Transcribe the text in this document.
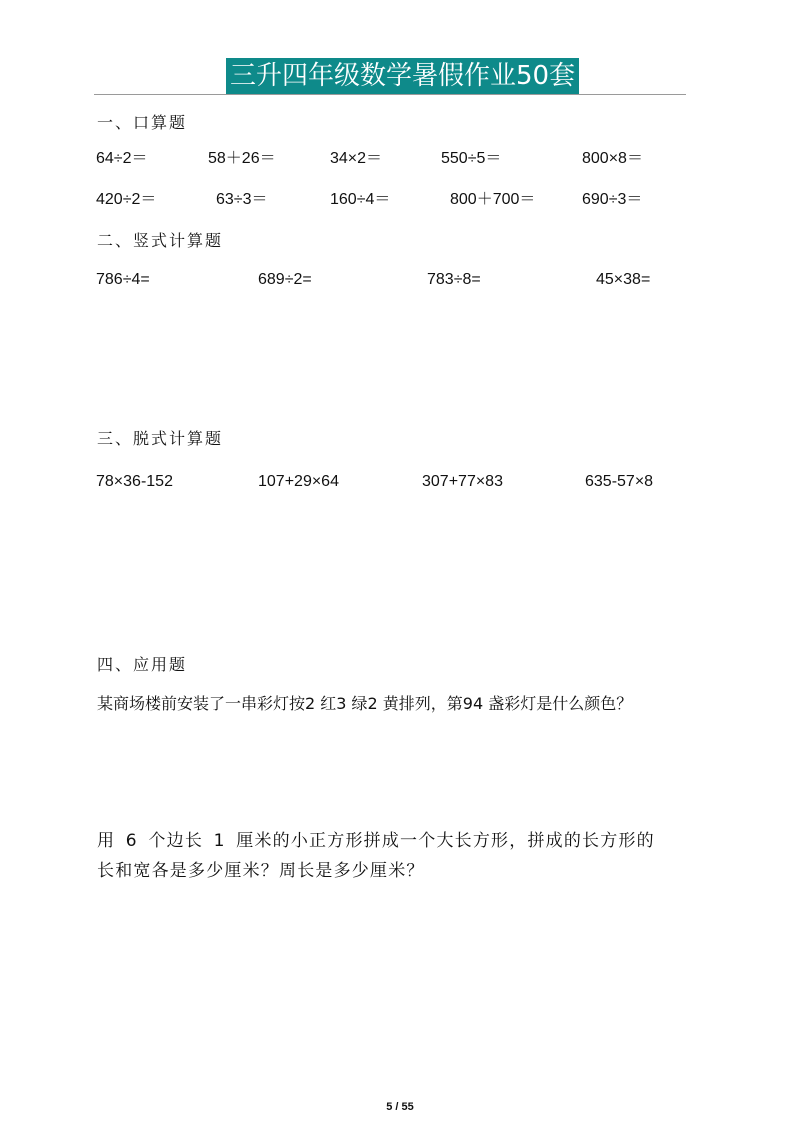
三升四年级数学暑假作业50套
一、口算题
64÷2＝	58＋26＝	34×2＝	550÷5＝	800×8＝
420÷2＝	63÷3＝	160÷4＝	800＋700＝	690÷3＝
二、竖式计算题
786÷4=	689÷2=	783÷8=	45×38=
三、脱式计算题
78×36-152	107+29×64	307+77×83	635-57×8
四、应用题
某商场楼前安装了一串彩灯按2 红3 绿2 黄排列，第94 盏彩灯是什么颜色？
用 6 个边长 1 厘米的小正方形拼成一个大长方形，拼成的长方形的
长和宽各是多少厘米？周长是多少厘米？
5 / 55
